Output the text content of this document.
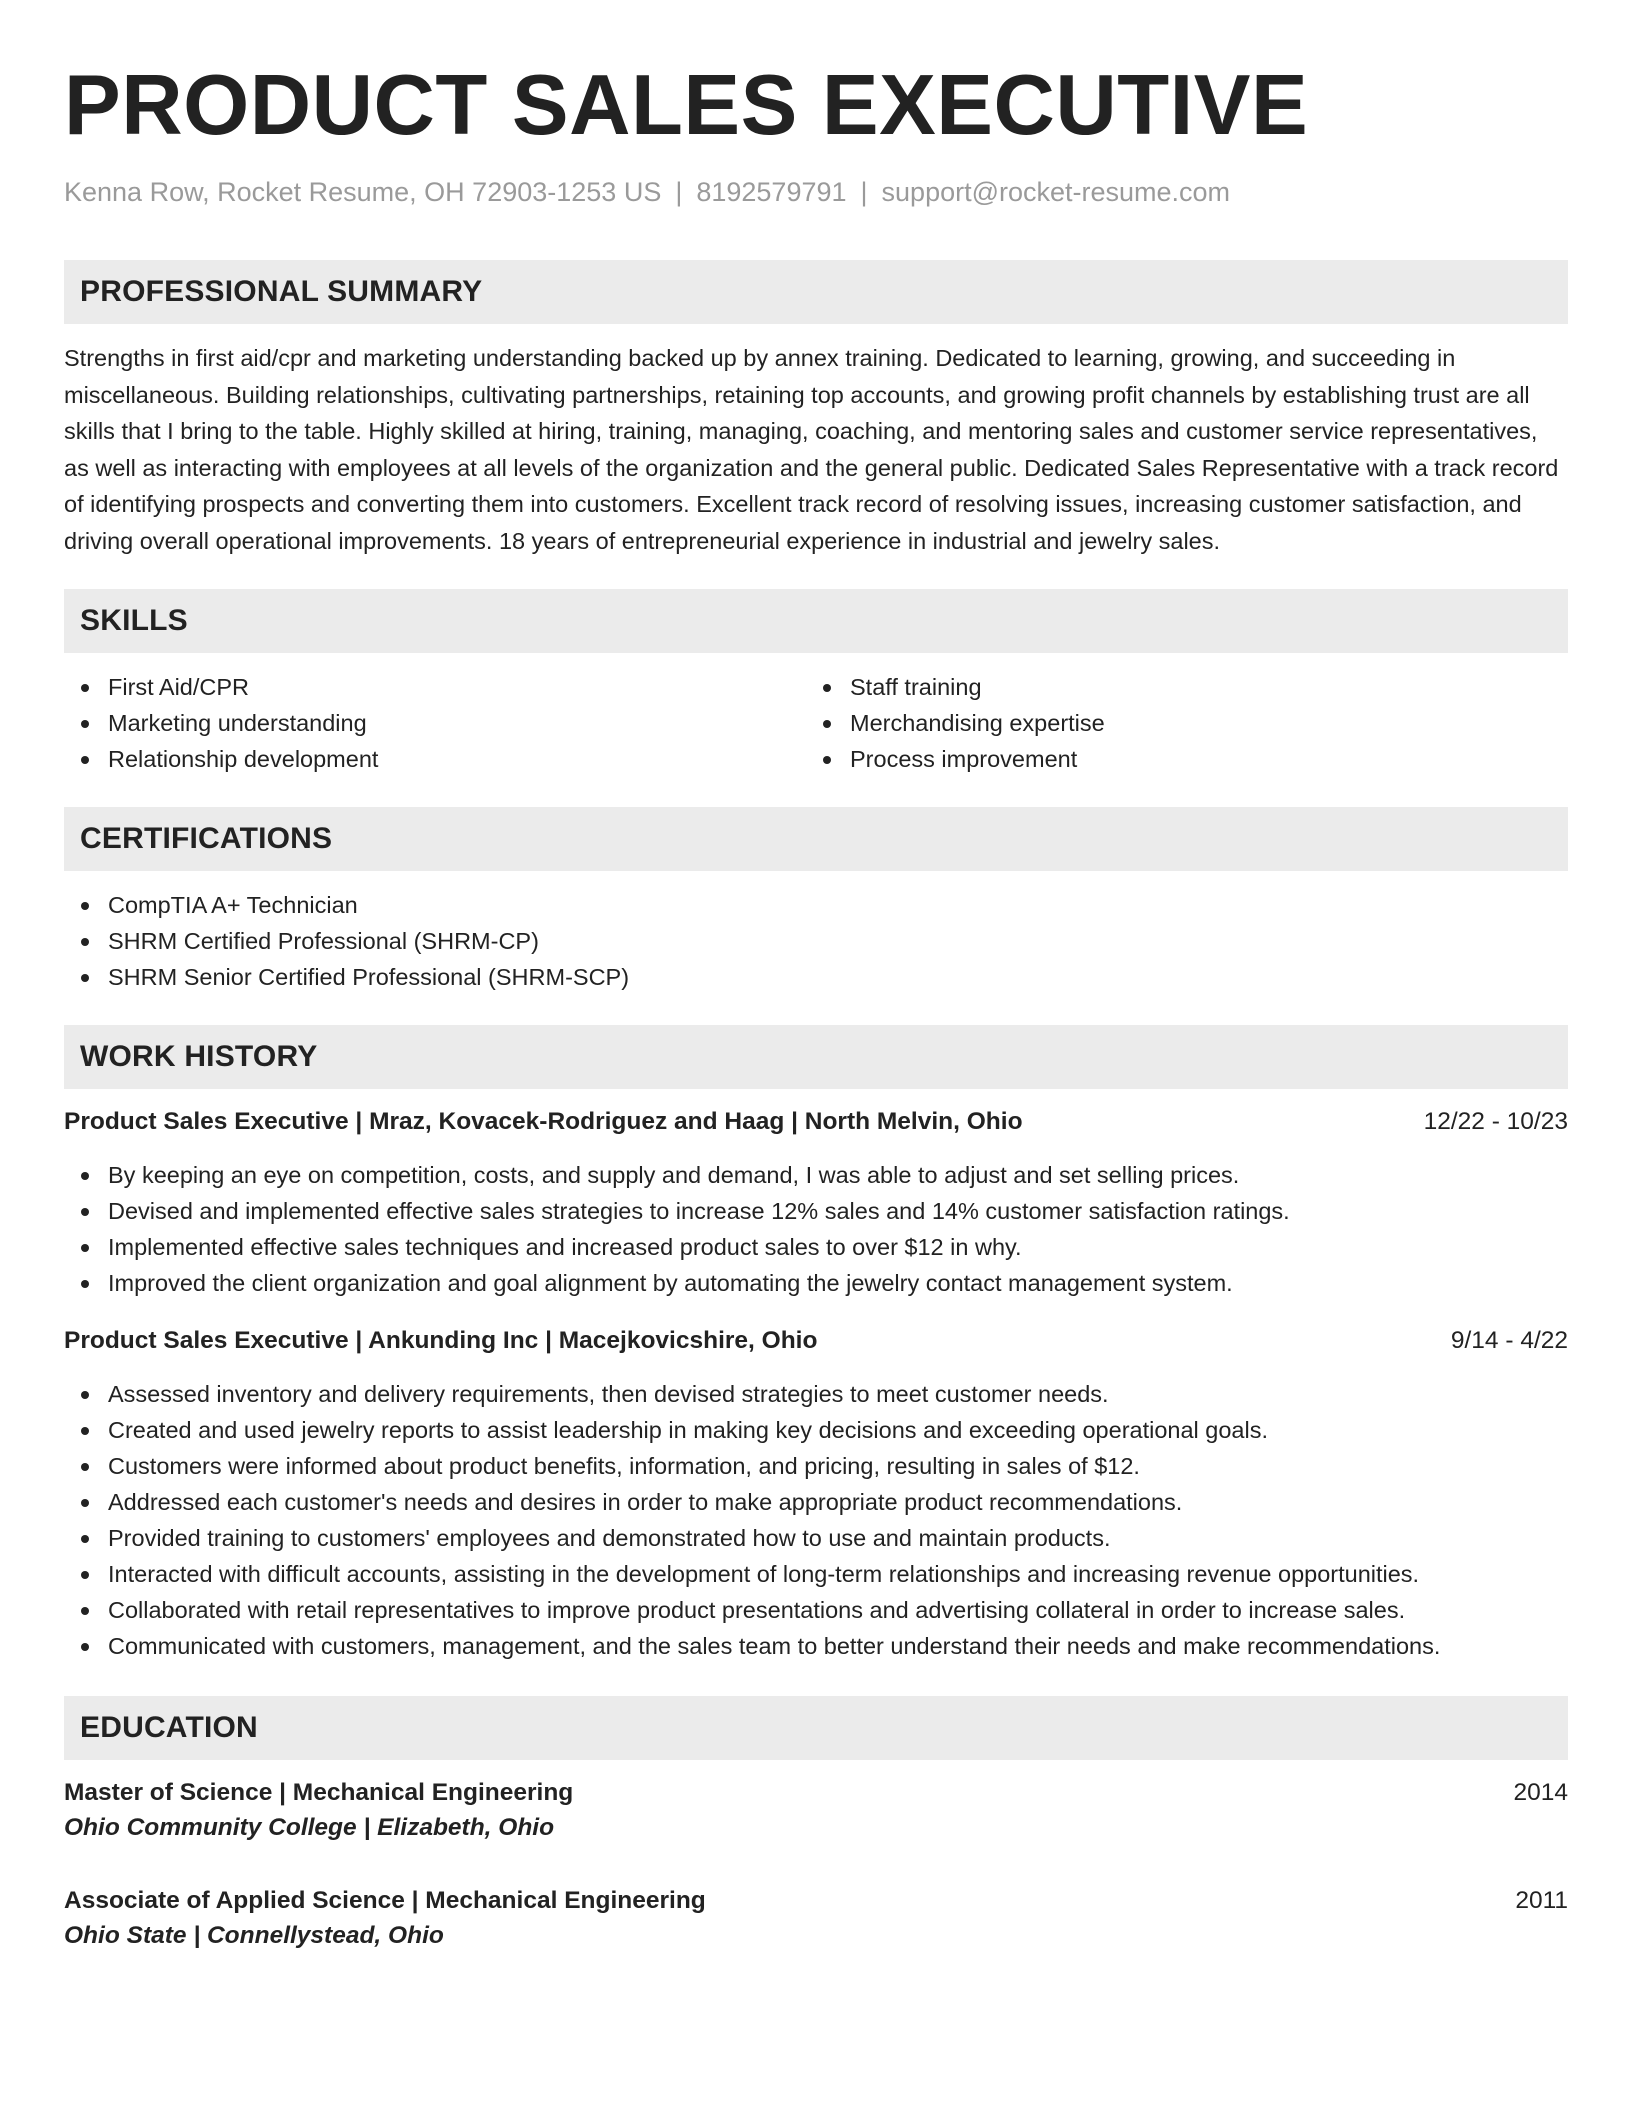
PRODUCT SALES EXECUTIVE
Kenna Row, Rocket Resume, OH 72903-1253 US | 8192579791 | support@rocket-resume.com
PROFESSIONAL SUMMARY

Strengths in first aid/cpr and marketing understanding backed up by annex training. Dedicated to learning, growing, and succeeding in miscellaneous. Building relationships, cultivating partnerships, retaining top accounts, and growing profit channels by establishing trust are all skills that I bring to the table. Highly skilled at hiring, training, managing, coaching, and mentoring sales and customer service representatives, as well as interacting with employees at all levels of the organization and the general public. Dedicated Sales Representative with a track record of identifying prospects and converting them into customers. Excellent track record of resolving issues, increasing customer satisfaction, and driving overall operational improvements. 18 years of entrepreneurial experience in industrial and jewelry sales.

SKILLS
First Aid/CPR
Marketing understanding
Relationship development
Staff training
Merchandising expertise
Process improvement
CERTIFICATIONS
CompTIA A+ Technician
SHRM Certified Professional (SHRM-CP)
SHRM Senior Certified Professional (SHRM-SCP)
WORK HISTORY
Product Sales Executive | Mraz, Kovacek-Rodriguez and Haag | North Melvin, Ohio	12/22 - 10/23
By keeping an eye on competition, costs, and supply and demand, I was able to adjust and set selling prices.
Devised and implemented effective sales strategies to increase 12% sales and 14% customer satisfaction ratings.
Implemented effective sales techniques and increased product sales to over $12 in why.
Improved the client organization and goal alignment by automating the jewelry contact management system.
Product Sales Executive | Ankunding Inc | Macejkovicshire, Ohio	9/14 - 4/22
Assessed inventory and delivery requirements, then devised strategies to meet customer needs.
Created and used jewelry reports to assist leadership in making key decisions and exceeding operational goals.
Customers were informed about product benefits, information, and pricing, resulting in sales of $12.
Addressed each customer's needs and desires in order to make appropriate product recommendations.
Provided training to customers' employees and demonstrated how to use and maintain products.
Interacted with difficult accounts, assisting in the development of long-term relationships and increasing revenue opportunities.
Collaborated with retail representatives to improve product presentations and advertising collateral in order to increase sales.
Communicated with customers, management, and the sales team to better understand their needs and make recommendations.
EDUCATION
Master of Science | Mechanical Engineering	2014
Ohio Community College | Elizabeth, Ohio
Associate of Applied Science | Mechanical Engineering	2011
Ohio State | Connellystead, Ohio
